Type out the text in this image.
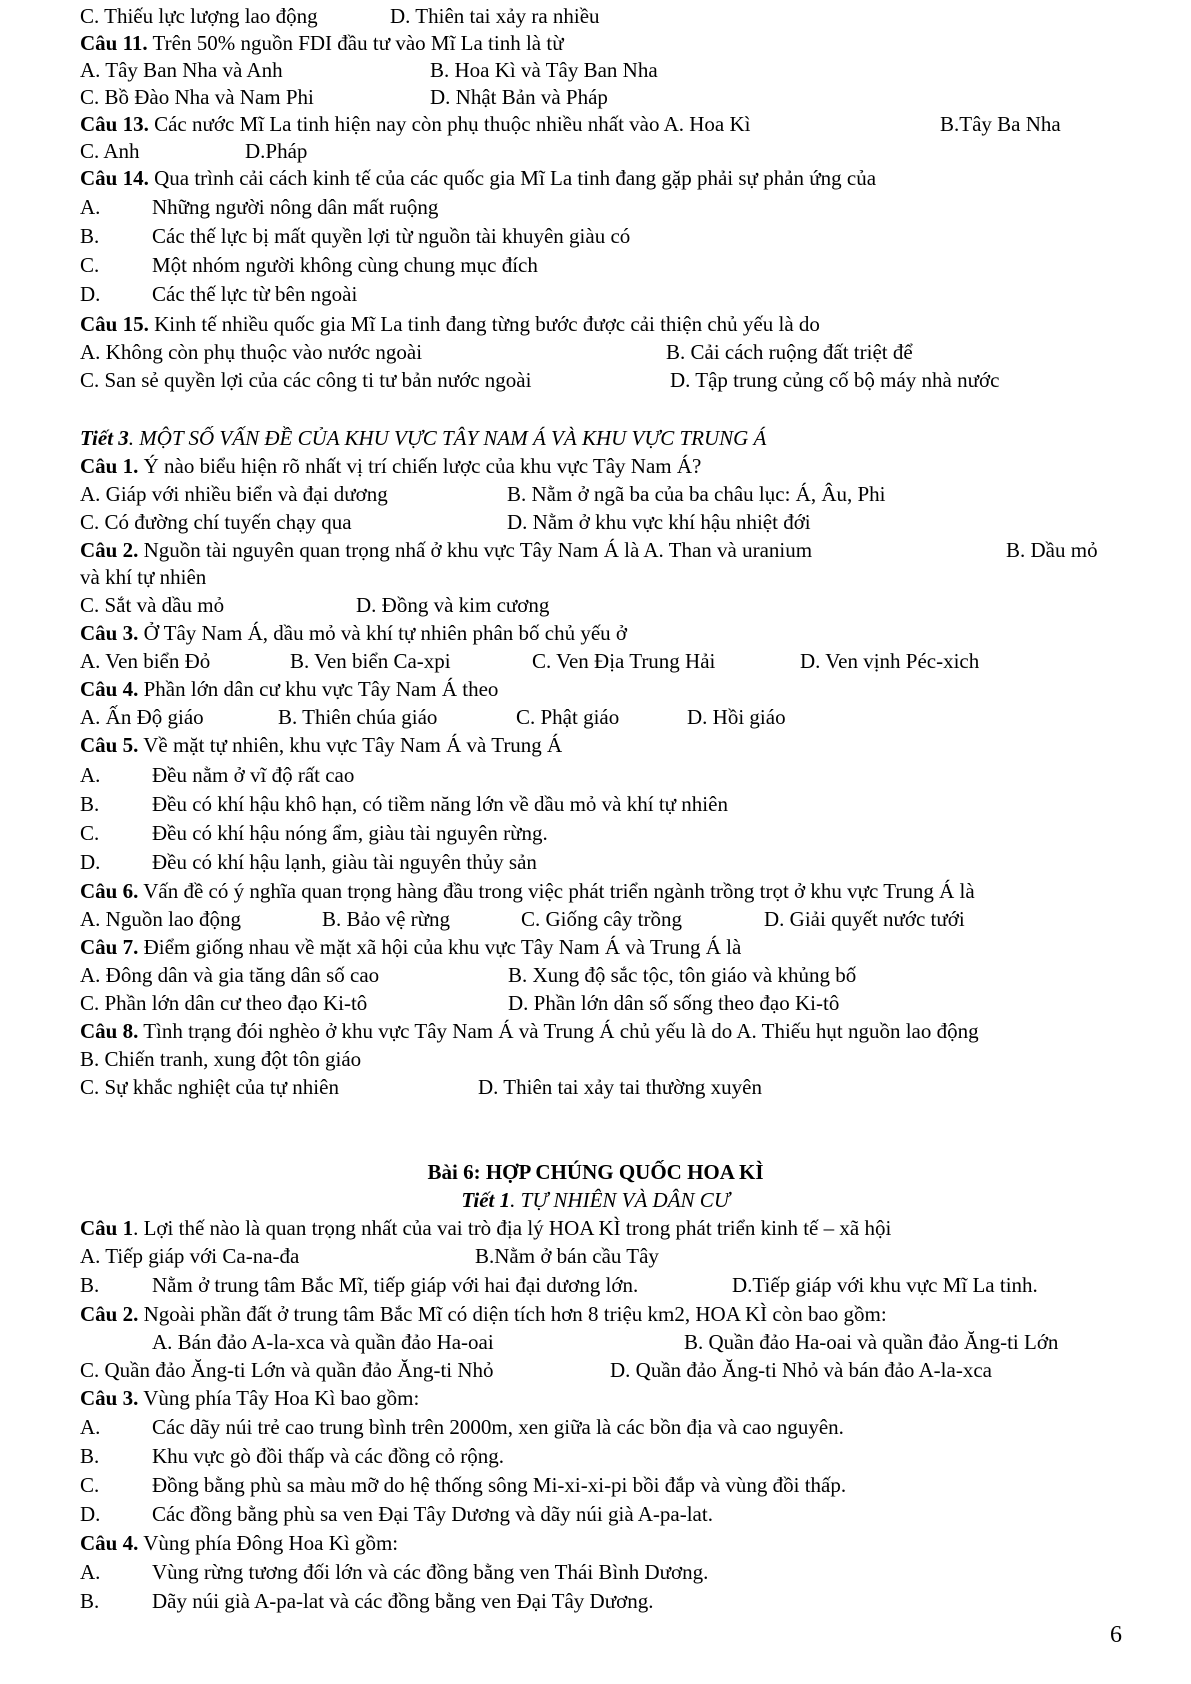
C. Thiếu lực lượng lao động	D. Thiên tai xảy ra nhiều
Câu 11. Trên 50% nguồn FDI đầu tư vào Mĩ La tinh là từ
A. Tây Ban Nha và Anh	B. Hoa Kì và Tây Ban Nha
C. Bồ Đào Nha và Nam Phi	D. Nhật Bản và Pháp
Câu 13. Các nước Mĩ La tinh hiện nay còn phụ thuộc nhiều nhất vào A. Hoa Kì	B.Tây Ba Nha
C. Anh	D.Pháp
Câu 14. Qua trình cải cách kinh tế của các quốc gia Mĩ La tinh đang gặp phải sự phản ứng của
A. Những người nông dân mất ruộng
B.	Các thế lực bị mất quyền lợi từ nguồn tài khuyên giàu có
C.	Một nhóm người không cùng chung mục đích
D. Các thế lực từ bên ngoài
Câu 15. Kinh tế nhiều quốc gia Mĩ La tinh đang từng bước được cải thiện chủ yếu là do
A. Không còn phụ thuộc vào nước ngoài	B. Cải cách ruộng đất triệt để
C. San sẻ quyền lợi của các công ti tư bản nước ngoài	D. Tập trung củng cố bộ máy nhà nước
Tiết 3. MỘT SỐ VẤN ĐỀ CỦA KHU VỰC TÂY NAM Á VÀ KHU VỰC TRUNG Á
Câu 1. Ý nào biểu hiện rõ nhất vị trí chiến lược của khu vực Tây Nam Á?
A. Giáp với nhiều biển và đại dương	B. Nằm ở ngã ba của ba châu lục: Á, Âu, Phi
C. Có đường chí tuyến chạy qua	D. Nằm ở khu vực khí hậu nhiệt đới
Câu 2. Nguồn tài nguyên quan trọng nhấ ở khu vực Tây Nam Á là A. Than và uranium	B. Dầu mỏ
và khí tự nhiên
C. Sắt và dầu mỏ	D. Đồng và kim cương
Câu 3. Ở Tây Nam Á, dầu mỏ và khí tự nhiên phân bố chủ yếu ở
A. Ven biển Đỏ	B. Ven biển Ca-xpi	C. Ven Địa Trung Hải	D. Ven vịnh Péc-xich
Câu 4. Phần lớn dân cư khu vực Tây Nam Á theo
A. Ấn Độ giáo	B. Thiên chúa giáo	C. Phật giáo	D. Hồi giáo
Câu 5. Về mặt tự nhiên, khu vực Tây Nam Á và Trung Á
A. Đều nằm ở vĩ độ rất cao
B.	Đều có khí hậu khô hạn, có tiềm năng lớn về dầu mỏ và khí tự nhiên
C.	Đều có khí hậu nóng ẩm, giàu tài nguyên rừng.
D. Đều có khí hậu lạnh, giàu tài nguyên thủy sản
Câu 6. Vấn đề có ý nghĩa quan trọng hàng đầu trong việc phát triển ngành trồng trọt ở khu vực Trung Á là
A. Nguồn lao động	B. Bảo vệ rừng	C. Giống cây trồng	D. Giải quyết nước tưới
Câu 7. Điểm giống nhau về mặt xã hội của khu vực Tây Nam Á và Trung Á là
A. Đông dân và gia tăng dân số cao	B. Xung độ sắc tộc, tôn giáo và khủng bố
C. Phần lớn dân cư theo đạo Ki-tô	D. Phần lớn dân số sống theo đạo Ki-tô
Câu 8. Tình trạng đói nghèo ở khu vực Tây Nam Á và Trung Á chủ yếu là do A. Thiếu hụt nguồn lao động
B. Chiến tranh, xung đột tôn giáo
C. Sự khắc nghiệt của tự nhiên	D. Thiên tai xảy tai thường xuyên
Bài 6: HỢP CHÚNG QUỐC HOA KÌ
Tiết 1. TỰ NHIÊN VÀ DÂN CƯ
Câu 1. Lợi thế nào là quan trọng nhất của vai trò địa lý HOA KÌ trong phát triển kinh tế – xã hội
A. Tiếp giáp với Ca-na-đa	B.Nằm ở bán cầu Tây
B.	Nằm ở trung tâm Bắc Mĩ, tiếp giáp với hai đại dương lớn.	D.Tiếp giáp với khu vực Mĩ La tinh.
Câu 2. Ngoài phần đất ở trung tâm Bắc Mĩ có diện tích hơn 8 triệu km2, HOA KÌ còn bao gồm:
A. Bán đảo A-la-xca và quần đảo Ha-oai	B. Quần đảo Ha-oai và quần đảo Ăng-ti Lớn
C. Quần đảo Ăng-ti Lớn và quần đảo Ăng-ti Nhỏ	D. Quần đảo Ăng-ti Nhỏ và bán đảo A-la-xca
Câu 3. Vùng phía Tây Hoa Kì bao gồm:
A. Các dãy núi trẻ cao trung bình trên 2000m, xen giữa là các bồn địa và cao nguyên.
B.	Khu vực gò đồi thấp và các đồng cỏ rộng.
C.	Đồng bằng phù sa màu mỡ do hệ thống sông Mi-xi-xi-pi bồi đắp và vùng đồi thấp.
D. Các đồng bằng phù sa ven Đại Tây Dương và dãy núi già A-pa-lat.
Câu 4. Vùng phía Đông Hoa Kì gồm:
A. Vùng rừng tương đối lớn và các đồng bằng ven Thái Bình Dương.
B.	Dãy núi già A-pa-lat và các đồng bằng ven Đại Tây Dương.
6
